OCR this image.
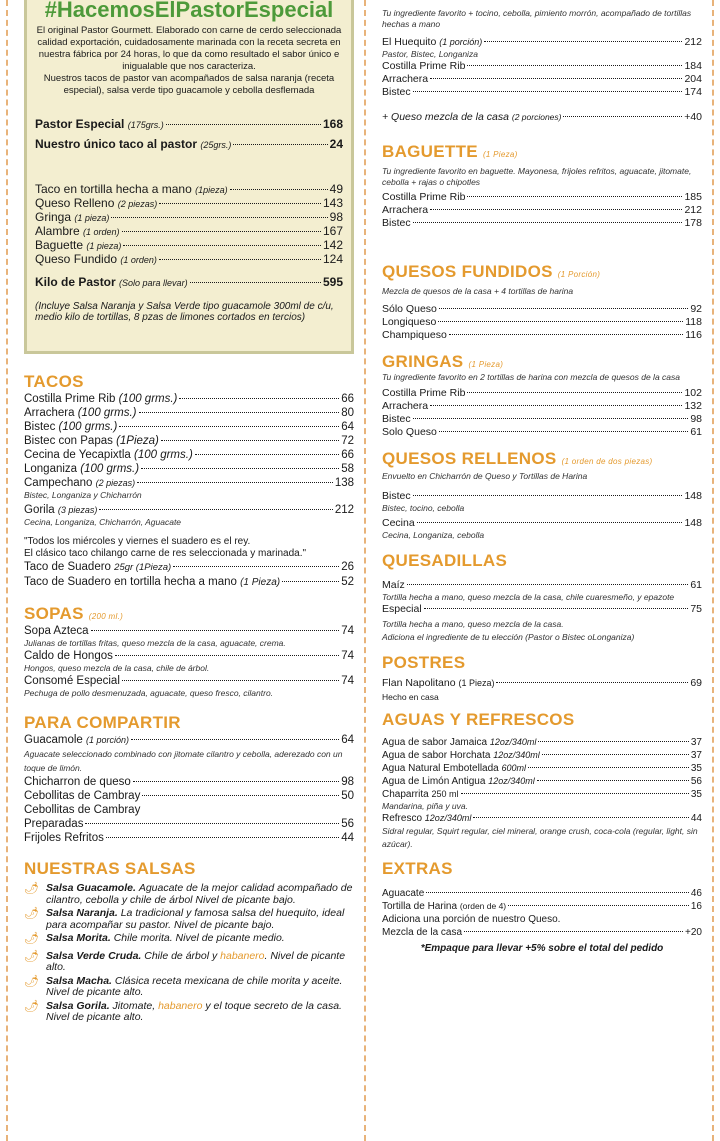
#HacemosElPastorEspecial

El original Pastor Gourmett. Elaborado con carne de cerdo seleccionada calidad exportación, cuidadosamente marinada con la receta secreta en nuestra fábrica por 24 horas, lo que da como resultado el sabor único e inigualable que nos caracteriza.

Nuestros tacos de pastor van acompañados de salsa naranja (receta especial), salsa verde tipo guacamole y cebolla desflemada

Pastor Especial (175grs.)	168
Nuestro único taco al pastor (25grs.)	24
Taco en tortilla hecha a mano (1pieza)	49
Queso Relleno (2 piezas)	143
Gringa (1 pieza)	98
Alambre (1 orden)	167
Baguette (1 pieza)	142
Queso Fundido (1 orden)	124
Kilo de Pastor (Solo para llevar)	595
(Incluye Salsa Naranja y Salsa Verde tipo guacamole 300ml de c/u, medio kilo de tortillas, 8 pzas de limones cortados en tercios)
TACOS
Costilla Prime Rib (100 grms.)	66
Arrachera (100 grms.)	80
Bistec (100 grms.)	64
Bistec con Papas (1Pieza)	72
Cecina de Yecapixtla (100 grms.)	66
Longaniza (100 grms.)	58
Campechano (2 piezas)	138
Bistec, Longaniza y Chicharrón
Gorila (3 piezas)	212
Cecina, Longaniza, Chicharrón, Aguacate
"Todos los miércoles y viernes el suadero es el rey.
El clásico taco chilango carne de res seleccionada y marinada."
Taco de Suadero 25gr (1Pieza)	26
Taco de Suadero en tortilla hecha a mano (1 Pieza)	52
SOPAS (200 ml.)
Sopa Azteca	74
Julianas de tortillas fritas, queso mezcla de la casa, aguacate, crema.
Caldo de Hongos	74
Hongos, queso mezcla de la casa, chile de árbol.
Consomé Especial	74
Pechuga de pollo desmenuzada, aguacate, queso fresco, cilantro.
PARA COMPARTIR
Guacamole (1 porción)	64
Aguacate seleccionado combinado con jitomate cilantro y cebolla, aderezado con un toque de limón.
Chicharron de queso	98
Cebollitas de Cambray	50
Cebollitas de Cambray
Preparadas	56
Frijoles Refritos	44
NUESTRAS SALSAS
🌶︎ Salsa Guacamole. Aguacate de la mejor calidad acompañado de cilantro, cebolla y chile de árbol Nivel de picante bajo.
🌶︎ Salsa Naranja. La tradicional y famosa salsa del huequito, ideal para acompañar su pastor. Nivel de picante bajo.
🌶︎ Salsa Morita. Chile morita. Nivel de picante medio.
🌶︎ Salsa Verde Cruda. Chile de árbol y habanero. Nivel de picante alto.
🌶︎ Salsa Macha. Clásica receta mexicana de chile morita y aceite. Nivel de picante alto.
🌶︎ Salsa Gorila. Jitomate, habanero y el toque secreto de la casa. Nivel de picante alto.
Tu ingrediente favorito + tocino, cebolla, pimiento morrón, acompañado de tortillas hechas a mano
El Huequito (1 porción)	212
Pastor, Bistec, Longaniza
Costilla Prime Rib	184
Arrachera	204
Bistec	174
+ Queso mezcla de la casa (2 porciones)	+40
BAGUETTE (1 Pieza)
Tu ingrediente favorito en baguette. Mayonesa, frijoles refritos, aguacate, jitomate, cebolla + rajas o chipotles
Costilla Prime Rib	185
Arrachera	212
Bistec	178
QUESOS FUNDIDOS (1 Porción)
Mezcla de quesos de la casa + 4 tortillas de harina
Sólo Queso	92
Longiqueso	118
Champiqueso	116
GRINGAS (1 Pieza)
Tu ingrediente favorito en 2 tortillas de harina con mezcla de quesos de la casa
Costilla Prime Rib	102
Arrachera	132
Bistec	98
Solo Queso	61
QUESOS RELLENOS (1 orden de dos piezas)
Envuelto en Chicharrón de Queso y Tortillas de Harina
Bistec	148
Bistec, tocino, cebolla
Cecina	148
Cecina, Longaniza, cebolla
QUESADILLAS
Maíz	61
Tortilla hecha a mano, queso mezcla de la casa, chile cuaresmeño, y epazote
Especial	75
Tortilla hecha a mano, queso mezcla de la casa.
Adiciona el ingrediente de tu elección (Pastor o Bistec oLonganiza)
POSTRES
Flan Napolitano (1 Pieza)	69
Hecho en casa
AGUAS Y REFRESCOS
Agua de sabor Jamaica 12oz/340ml	37
Agua de sabor Horchata 12oz/340ml	37
Agua Natural Embotellada 600ml	35
Agua de Limón Antigua 12oz/340ml	56
Chaparrita 250 ml	35
Mandarina, piña y uva.
Refresco 12oz/340ml	44
Sidral regular, Squirt regular, ciel mineral, orange crush, coca-cola (regular, light, sin azúcar).
EXTRAS
Aguacate	46
Tortilla de Harina (orden de 4)	16
Adiciona una porción de nuestro Queso.
Mezcla de la casa	+20
*Empaque para llevar +5% sobre el total del pedido
